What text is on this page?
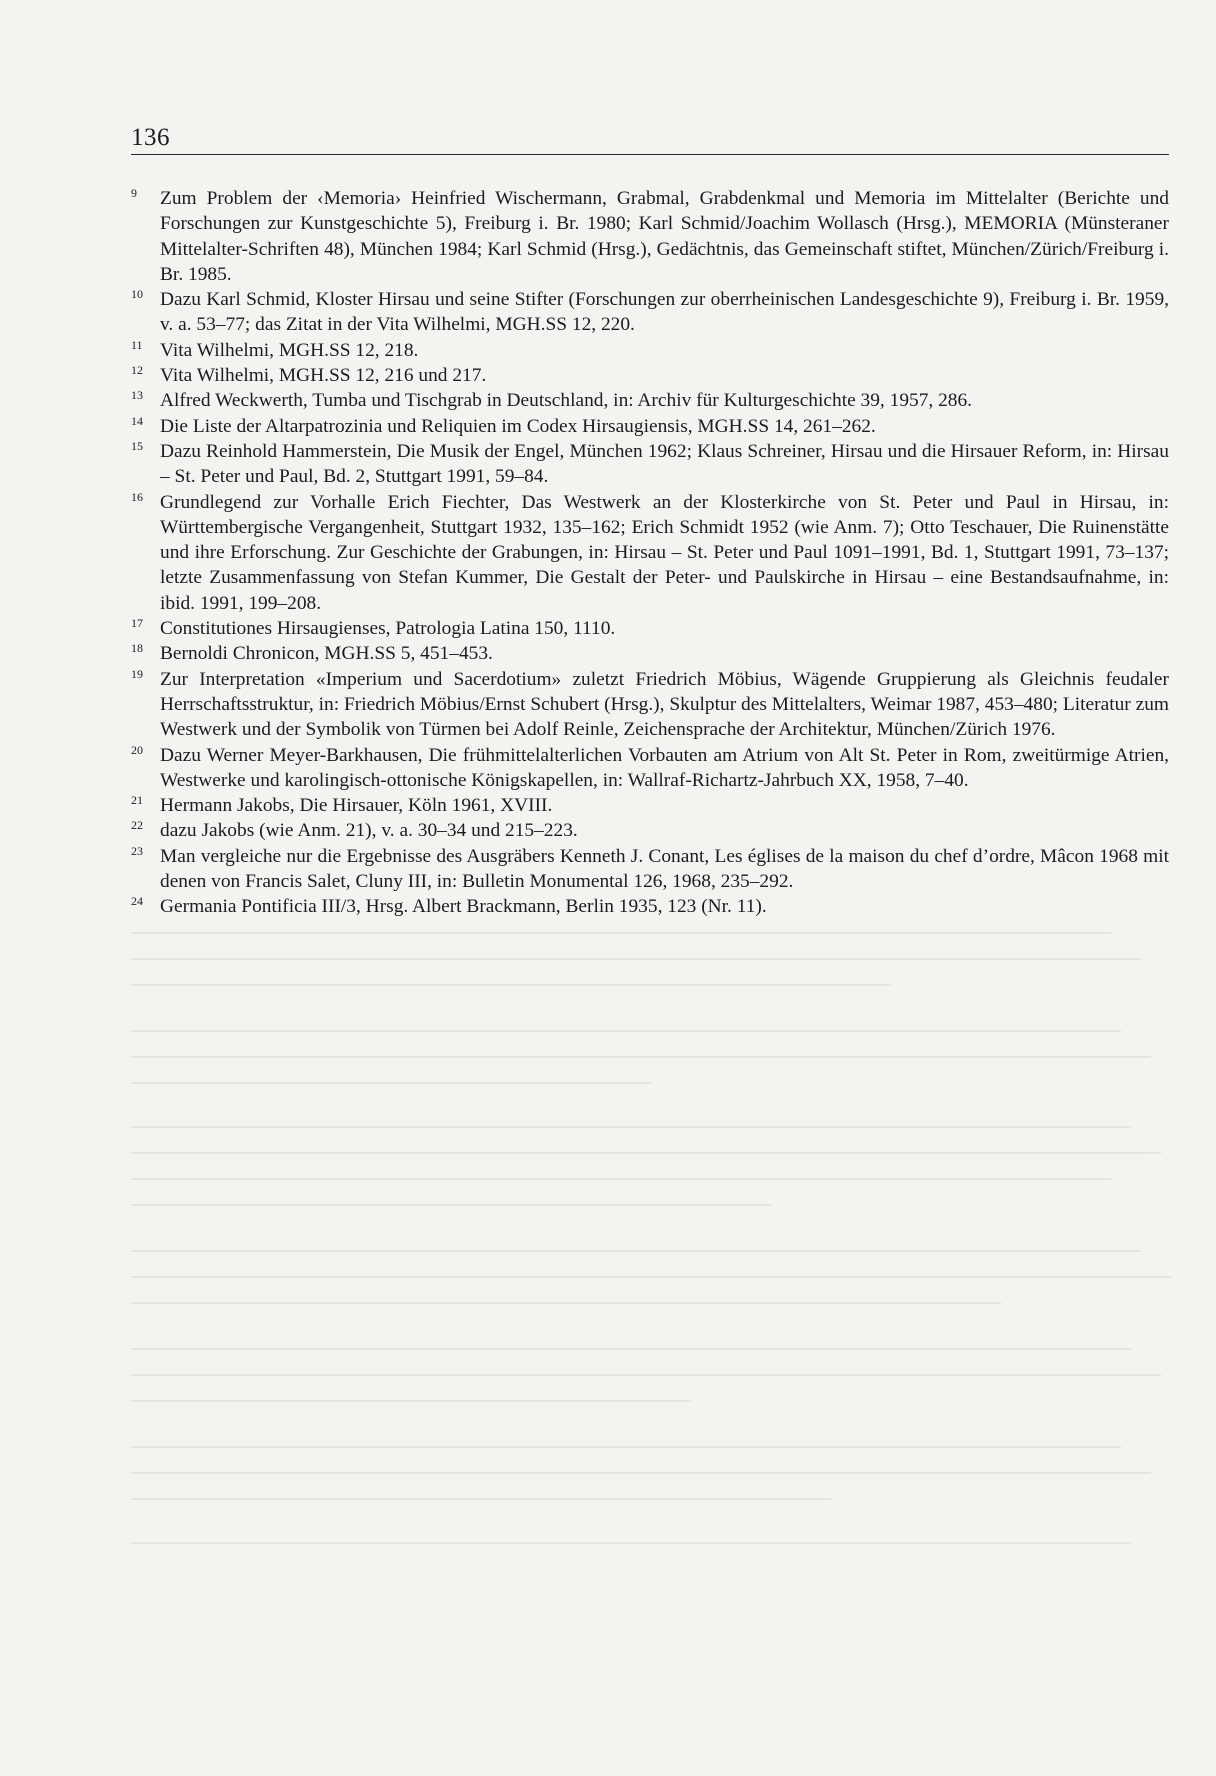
136
9	Zum Problem der ‹Memoria› Heinfried Wischermann, Grabmal, Grabdenkmal und Memoria im Mittelalter (Berichte und Forschungen zur Kunstgeschichte 5), Freiburg i. Br. 1980; Karl Schmid/Joachim Wollasch (Hrsg.), MEMORIA (Münsteraner Mittelalter-Schriften 48), München 1984; Karl Schmid (Hrsg.), Gedächtnis, das Gemeinschaft stiftet, München/Zürich/Freiburg i. Br. 1985.
10 Dazu Karl Schmid, Kloster Hirsau und seine Stifter (Forschungen zur oberrheinischen Landesgeschichte 9), Freiburg i. Br. 1959, v. a. 53–77; das Zitat in der Vita Wilhelmi, MGH.SS 12, 220.
11 Vita Wilhelmi, MGH.SS 12, 218.
12 Vita Wilhelmi, MGH.SS 12, 216 und 217.
13 Alfred Weckwerth, Tumba und Tischgrab in Deutschland, in: Archiv für Kulturgeschichte 39, 1957, 286.
14 Die Liste der Altarpatrozinia und Reliquien im Codex Hirsaugiensis, MGH.SS 14, 261–262.
15 Dazu Reinhold Hammerstein, Die Musik der Engel, München 1962; Klaus Schreiner, Hirsau und die Hirsauer Reform, in: Hirsau – St. Peter und Paul, Bd. 2, Stuttgart 1991, 59–84.
16 Grundlegend zur Vorhalle Erich Fiechter, Das Westwerk an der Klosterkirche von St. Peter und Paul in Hirsau, in: Württembergische Vergangenheit, Stuttgart 1932, 135–162; Erich Schmidt 1952 (wie Anm. 7); Otto Teschauer, Die Ruinenstätte und ihre Erforschung. Zur Geschichte der Grabungen, in: Hirsau – St. Peter und Paul 1091–1991, Bd. 1, Stuttgart 1991, 73–137; letzte Zusammenfassung von Stefan Kummer, Die Gestalt der Peter- und Paulskirche in Hirsau – eine Bestandsaufnahme, in: ibid. 1991, 199–208.
17 Constitutiones Hirsaugienses, Patrologia Latina 150, 1110.
18 Bernoldi Chronicon, MGH.SS 5, 451–453.
19 Zur Interpretation «Imperium und Sacerdotium» zuletzt Friedrich Möbius, Wägende Gruppierung als Gleichnis feudaler Herrschaftsstruktur, in: Friedrich Möbius/Ernst Schubert (Hrsg.), Skulptur des Mittelalters, Weimar 1987, 453–480; Literatur zum Westwerk und der Symbolik von Türmen bei Adolf Reinle, Zeichensprache der Architektur, München/Zürich 1976.
20 Dazu Werner Meyer-Barkhausen, Die frühmittelalterlichen Vorbauten am Atrium von Alt St. Peter in Rom, zweitürmige Atrien, Westwerke und karolingisch-ottonische Königskapellen, in: Wallraf-Richartz-Jahrbuch XX, 1958, 7–40.
21 Hermann Jakobs, Die Hirsauer, Köln 1961, XVIII.
22 dazu Jakobs (wie Anm. 21), v. a. 30–34 und 215–223.
23 Man vergleiche nur die Ergebnisse des Ausgräbers Kenneth J. Conant, Les églises de la maison du chef d’ordre, Mâcon 1968 mit denen von Francis Salet, Cluny III, in: Bulletin Monumental 126, 1968, 235–292.
24 Germania Pontificia III/3, Hrsg. Albert Brackmann, Berlin 1935, 123 (Nr. 11).
